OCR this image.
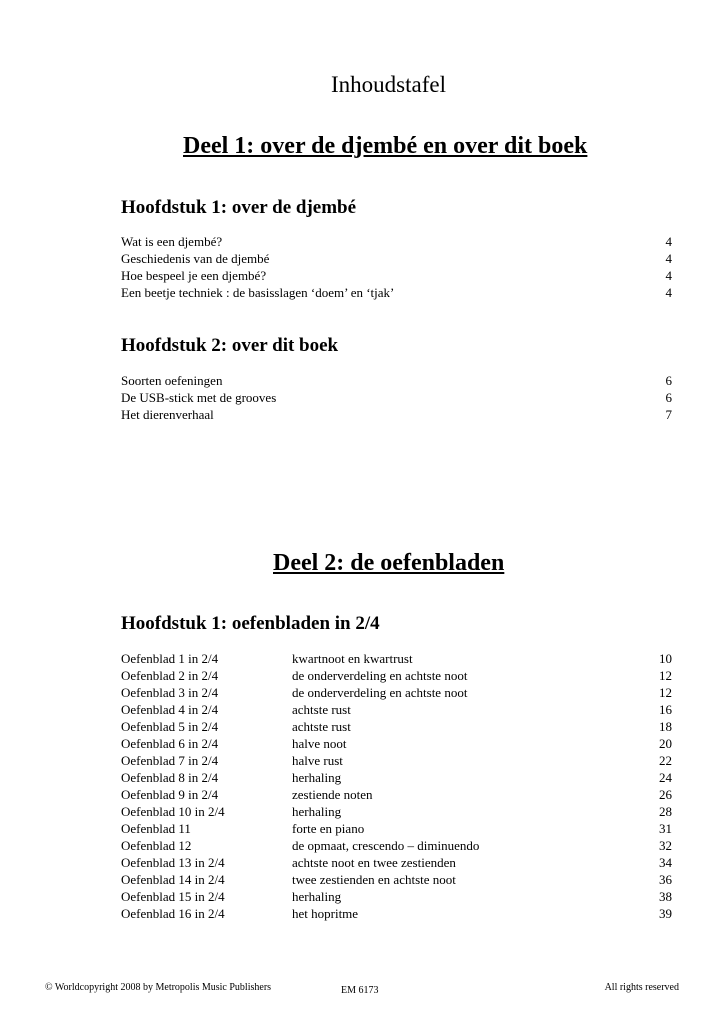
Inhoudstafel
Deel 1: over de djembé en over dit boek
Hoofdstuk 1: over de djembé
Wat is een djembé?	4
Geschiedenis van de djembé	4
Hoe bespeel je een djembé?	4
Een beetje techniek : de basisslagen ‘doem’ en ‘tjak’	4
Hoofdstuk 2: over dit boek
Soorten oefeningen	6
De USB-stick met de grooves	6
Het dierenverhaal	7
Deel 2: de oefenbladen
Hoofdstuk 1: oefenbladen in 2/4
Oefenblad 1 in 2/4	kwartnoot en kwartrust	10
Oefenblad 2 in 2/4	de onderverdeling en achtste noot	12
Oefenblad 3 in 2/4	de onderverdeling en achtste noot	12
Oefenblad 4 in 2/4	achtste rust	16
Oefenblad 5 in 2/4	achtste rust	18
Oefenblad 6 in 2/4	halve noot	20
Oefenblad 7 in 2/4	halve rust	22
Oefenblad 8 in 2/4	herhaling	24
Oefenblad 9 in 2/4	zestiende noten	26
Oefenblad 10 in 2/4	herhaling	28
Oefenblad 11	forte en piano	31
Oefenblad 12	de opmaat, crescendo – diminuendo	32
Oefenblad 13 in 2/4	achtste noot en twee zestienden	34
Oefenblad 14 in 2/4	twee zestienden en achtste noot	36
Oefenblad 15 in 2/4	herhaling	38
Oefenblad 16 in 2/4	het hopritme	39
© Worldcopyright 2008 by Metropolis Music Publishers	EM 6173	All rights reserved
